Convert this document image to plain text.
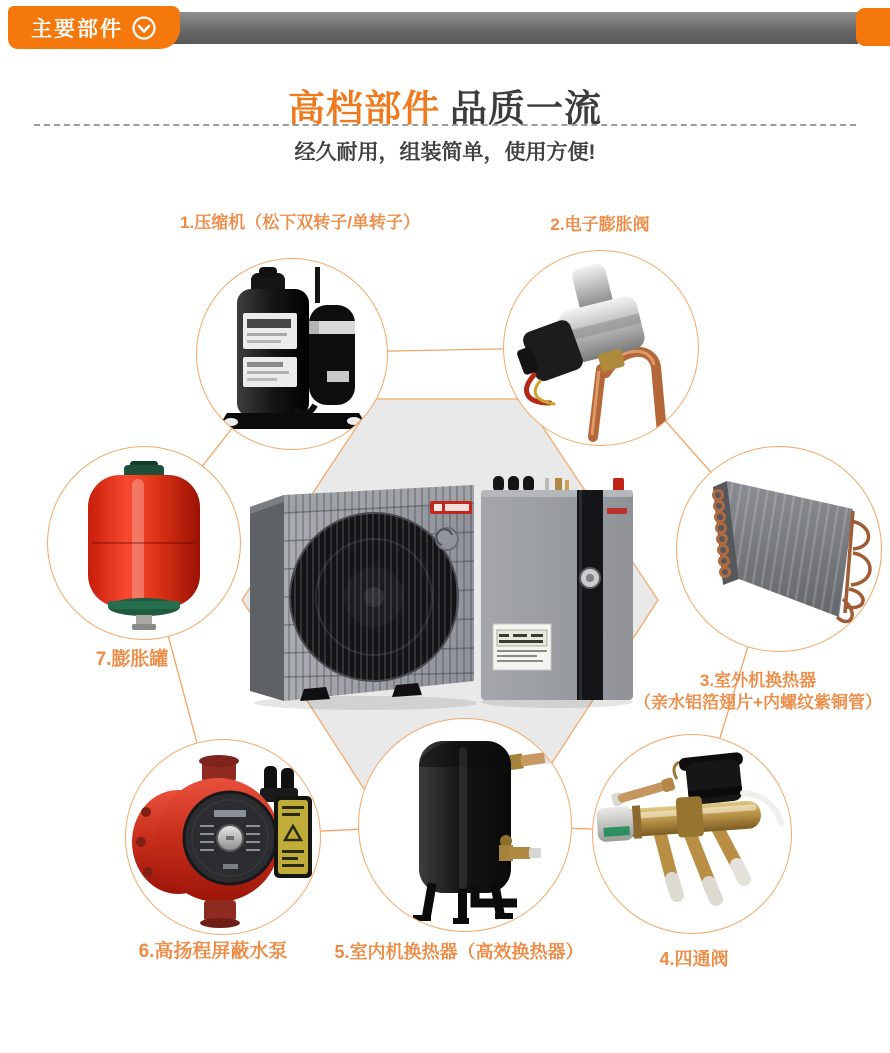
主要部件
高档部件 品质一流
经久耐用，组装简单，使用方便!
1.压缩机（松下双转子/单转子）	2.电子膨胀阀
7.膨胀罐
3.室外机换热器
（亲水铝箔翅片+内螺纹紫铜管）
6.高扬程屏蔽水泵	5.室内机换热器（高效换热器）	4.四通阀
